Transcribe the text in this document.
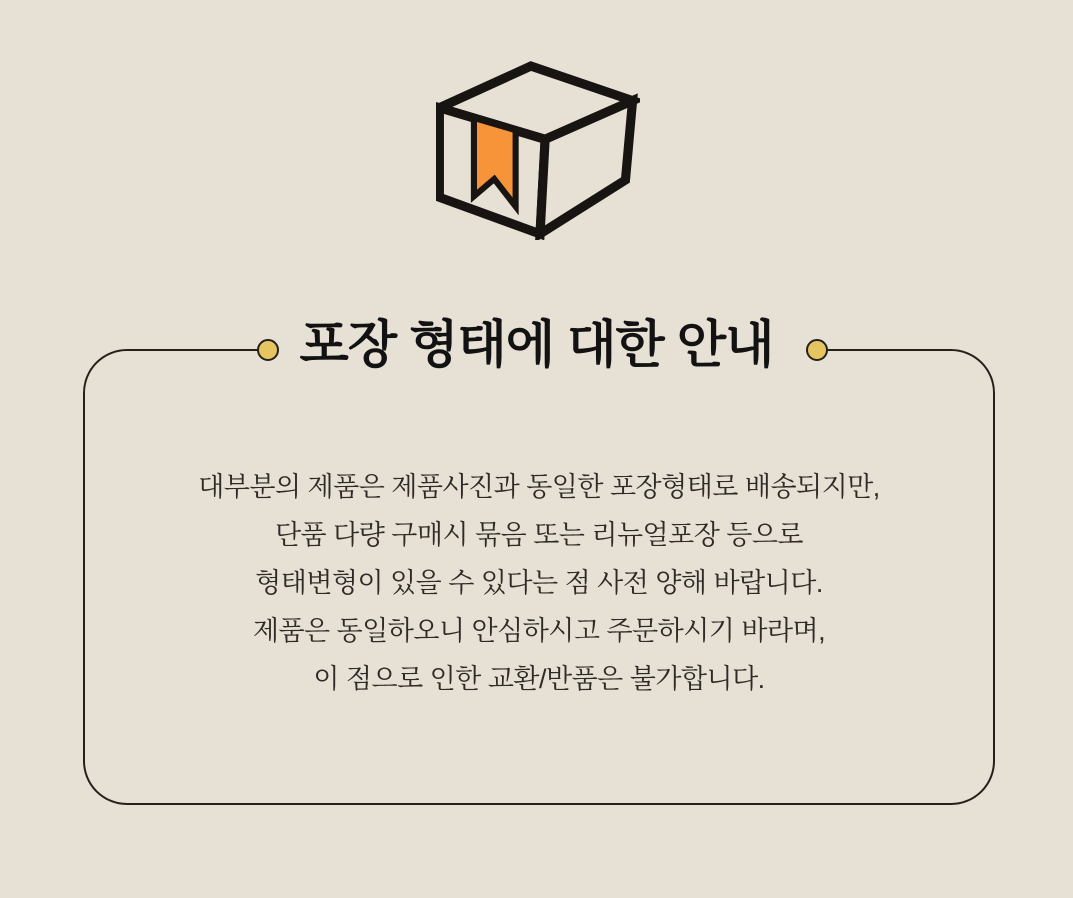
포장 형태에 대한 안내

대부분의 제품은 제품사진과 동일한 포장형태로 배송되지만,

단품 다량 구매시 묶음 또는 리뉴얼포장 등으로

형태변형이 있을 수 있다는 점 사전 양해 바랍니다.

제품은 동일하오니 안심하시고 주문하시기 바라며,

이 점으로 인한 교환/반품은 불가합니다.
